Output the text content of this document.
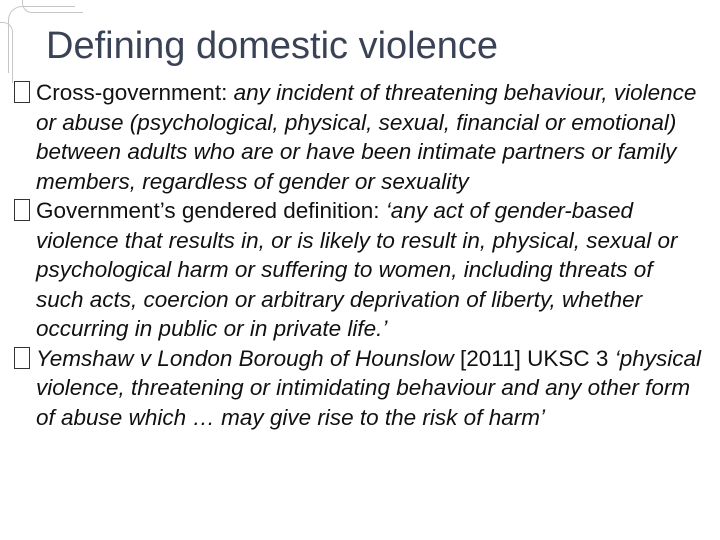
Defining domestic violence

Cross-government: any incident of threatening behaviour, violence or abuse (psychological, physical, sexual, financial or emotional) between adults who are or have been intimate partners or family members, regardless of gender or sexuality

Government’s gendered definition: ‘any act of gender-based violence that results in, or is likely to result in, physical, sexual or psychological harm or suffering to women, including threats of such acts, coercion or arbitrary deprivation of liberty, whether occurring in public or in private life.’

Yemshaw v London Borough of Hounslow [2011] UKSC 3 ‘physical violence, threatening or intimidating behaviour and any other form of abuse which … may give rise to the risk of harm’
